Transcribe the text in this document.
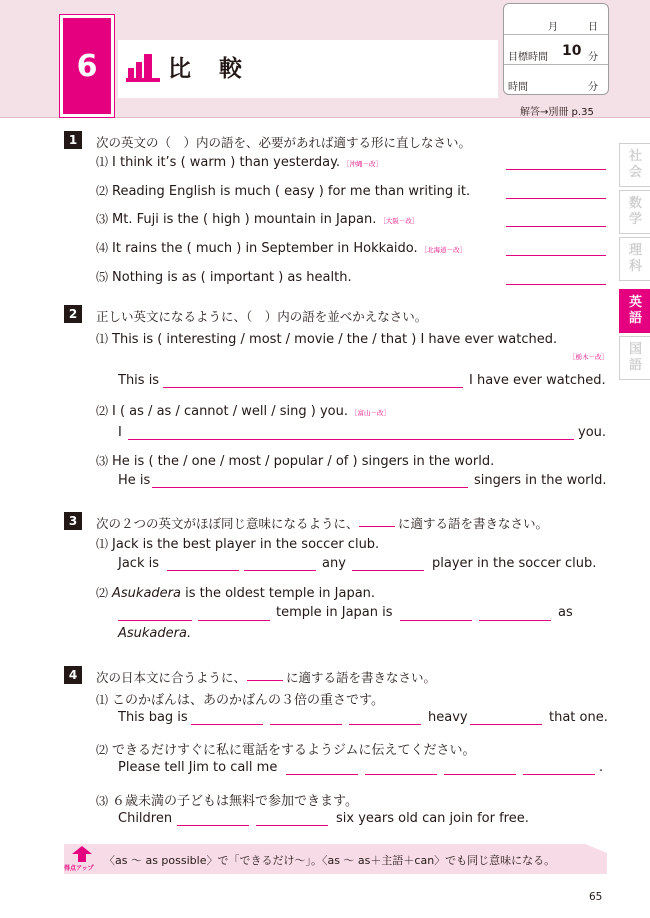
6	比 較
月	日
目標時間 10 分
時間	分
解答→別冊 p.35
社
会
数
学
理
科
英
語
国
語
1	次の英文の（　）内の語を、必要があれば適する形に直しなさい。
⑴ I think it’s ( warm ) than yesterday. ［沖縄－改］
⑵ Reading English is much ( easy ) for me than writing it.
⑶ Mt. Fuji is the ( high ) mountain in Japan. ［大阪－改］
⑷ It rains the ( much ) in September in Hokkaido. ［北海道－改］
⑸ Nothing is as ( important ) as health.
2	正しい英文になるように、（　）内の語を並べかえなさい。
⑴ This is ( interesting / most / movie / the / that ) I have ever watched.
［栃木－改］
This is	I have ever watched.
⑵ I ( as / as / cannot / well / sing ) you. ［富山－改］
I	you.
⑶ He is ( the / one / most / popular / of ) singers in the world.
He is	singers in the world.
3	次の２つの英文がほぼ同じ意味になるように、	に適する語を書きなさい。
⑴ Jack is the best player in the soccer club.
Jack is	any	player in the soccer club.
⑵ Asukadera is the oldest temple in Japan.
temple in Japan is	as
Asukadera.
4	次の日本文に合うように、	に適する語を書きなさい。
⑴ このかばんは、あのかばんの３倍の重さです。
This bag is	heavy	that one.
⑵ できるだけすぐに私に電話をするようジムに伝えてください。
Please tell Jim to call me	.
⑶ ６歳未満の子どもは無料で参加できます。
Children	six years old can join for free.
得点アップ
〈as ～ as possible〉で「できるだけ～」。〈as ～ as＋主語＋can〉でも同じ意味になる。
65
